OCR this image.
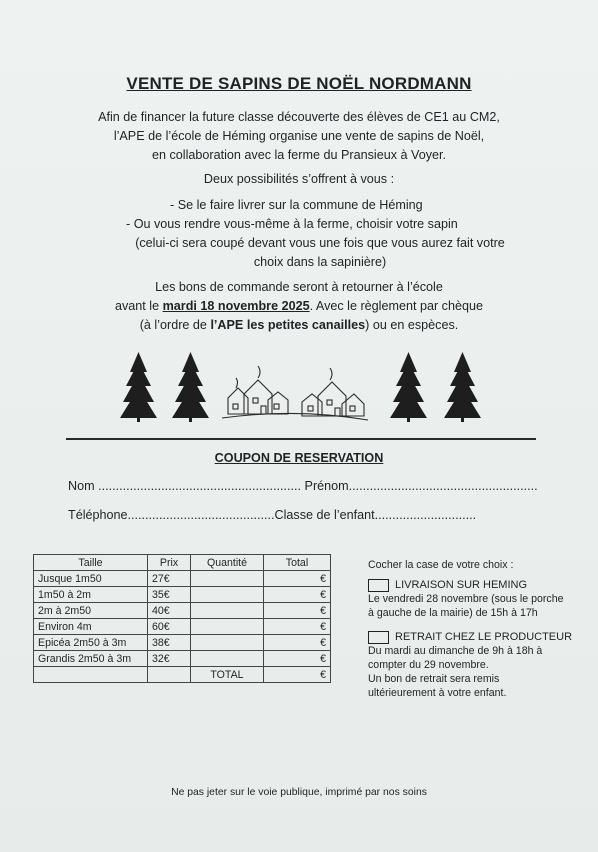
VENTE DE SAPINS DE NOËL NORDMANN
Afin de financer la future classe découverte des élèves de CE1 au CM2,
l’APE de l’école de Héming organise une vente de sapins de Noël,
en collaboration avec la ferme du Pransieux à Voyer.
Deux possibilités s’offrent à vous :
- Se le faire livrer sur la commune de Héming
- Ou vous rendre vous-même à la ferme, choisir votre sapin
(celui-ci sera coupé devant vous une fois que vous aurez fait votre
choix dans la sapinière)
Les bons de commande seront à retourner à l’école
avant le mardi 18 novembre 2025. Avec le règlement par chèque
(à l’ordre de l’APE les petites canailles) ou en espèces.
COUPON DE RESERVATION
Nom .......................................................... Prénom......................................................
Téléphone..........................................Classe de l’enfant.............................
Taille	Prix	Quantité	Total
Jusque 1m50	27€		€
1m50 à 2m	35€		€
2m à 2m50	40€		€
Environ 4m	60€		€
Epicéa 2m50 à 3m	38€		€
Grandis 2m50 à 3m	32€		€
		TOTAL	€
Cocher la case de votre choix :
LIVRAISON SUR HEMING
Le vendredi 28 novembre (sous le porche
à gauche de la mairie) de 15h à 17h
RETRAIT CHEZ LE PRODUCTEUR
Du mardi au dimanche de 9h à 18h à
compter du 29 novembre.
Un bon de retrait sera remis
ultérieurement à votre enfant.
Ne pas jeter sur le voie publique, imprimé par nos soins
